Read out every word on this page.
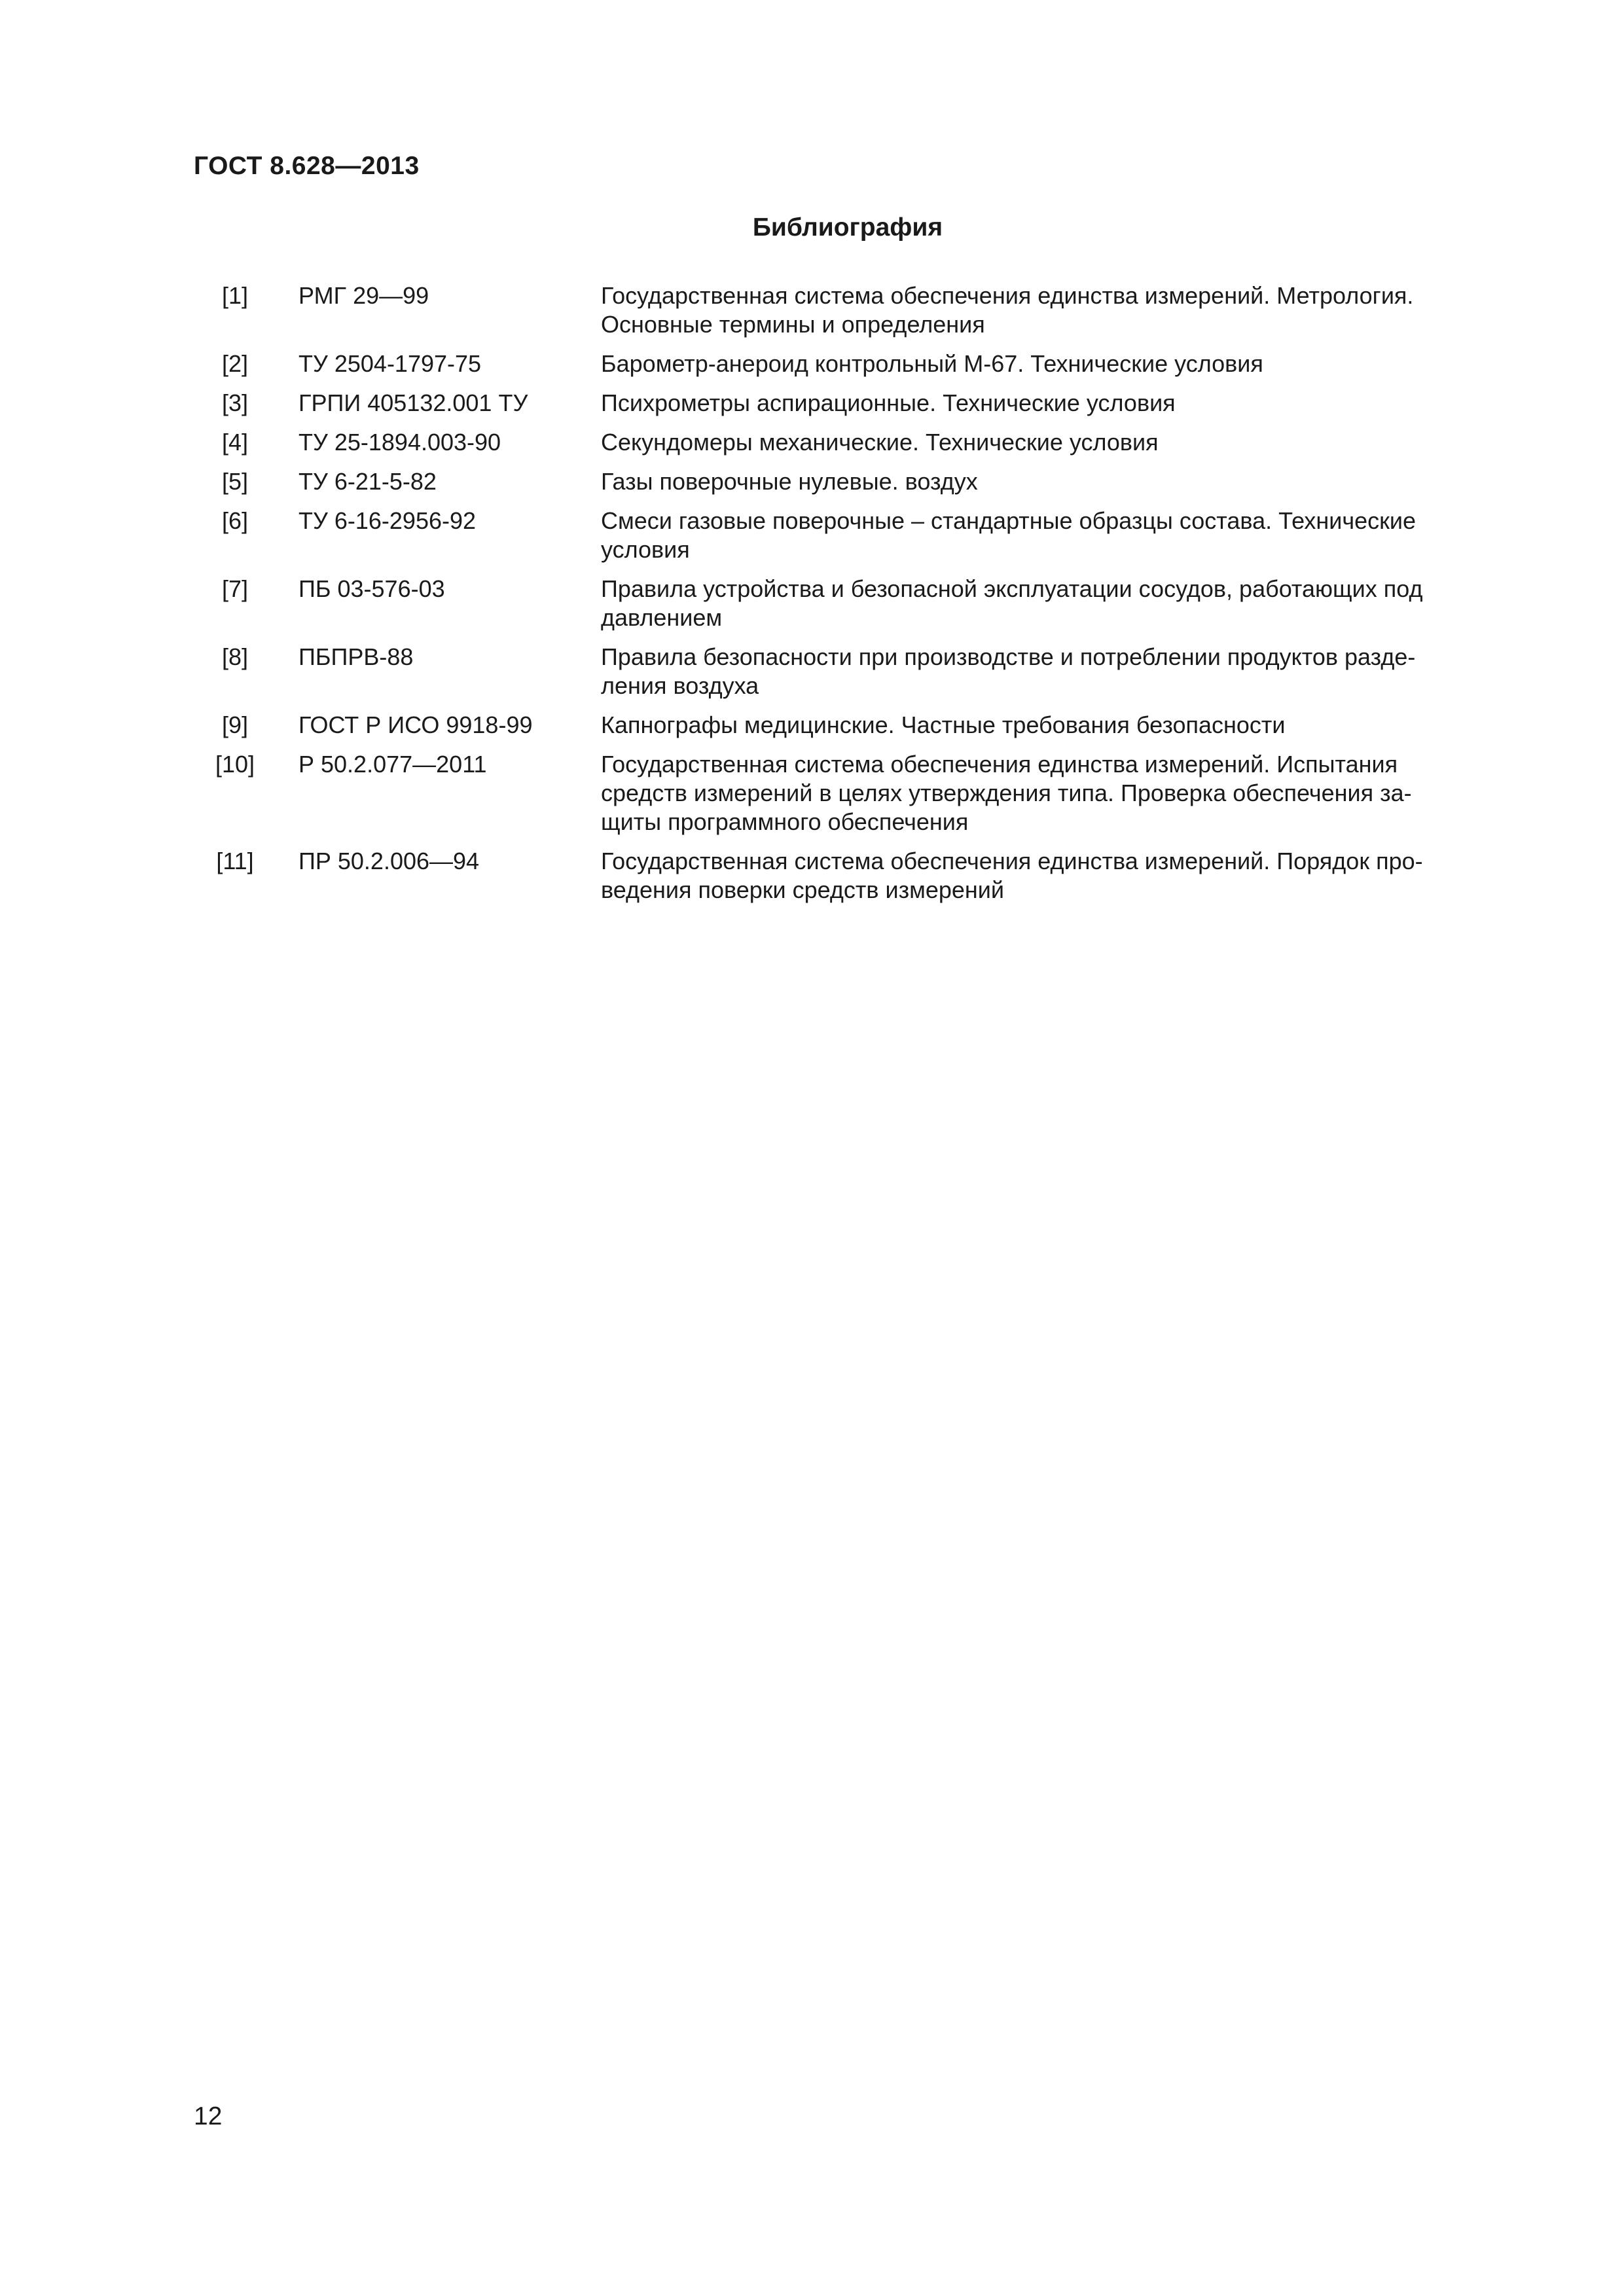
ГОСТ 8.628—2013
Библиография
[1]	РМГ 29—99	Государственная система обеспечения единства измерений. Метрология.
Основные термины и определения
[2]	ТУ 2504-1797-75	Барометр-анероид контрольный М-67. Технические условия
[3]	ГРПИ 405132.001 ТУ	Психрометры аспирационные. Технические условия
[4]	ТУ 25-1894.003-90	Секундомеры механические. Технические условия
[5]	ТУ 6-21-5-82	Газы поверочные нулевые. воздух
[6]	ТУ 6-16-2956-92	Смеси газовые поверочные – стандартные образцы состава. Технические
условия
[7]	ПБ 03-576-03	Правила устройства и безопасной эксплуатации сосудов, работающих под
давлением
[8]	ПБПРВ-88	Правила безопасности при производстве и потреблении продуктов разде-
ления воздуха
[9]	ГОСТ Р ИСО 9918-99	Капнографы медицинские. Частные требования безопасности
[10]	Р 50.2.077—2011	Государственная система обеспечения единства измерений. Испытания
средств измерений в целях утверждения типа. Проверка обеспечения за-
щиты программного обеспечения
[11]	ПР 50.2.006—94	Государственная система обеспечения единства измерений. Порядок про-
ведения поверки средств измерений

12
